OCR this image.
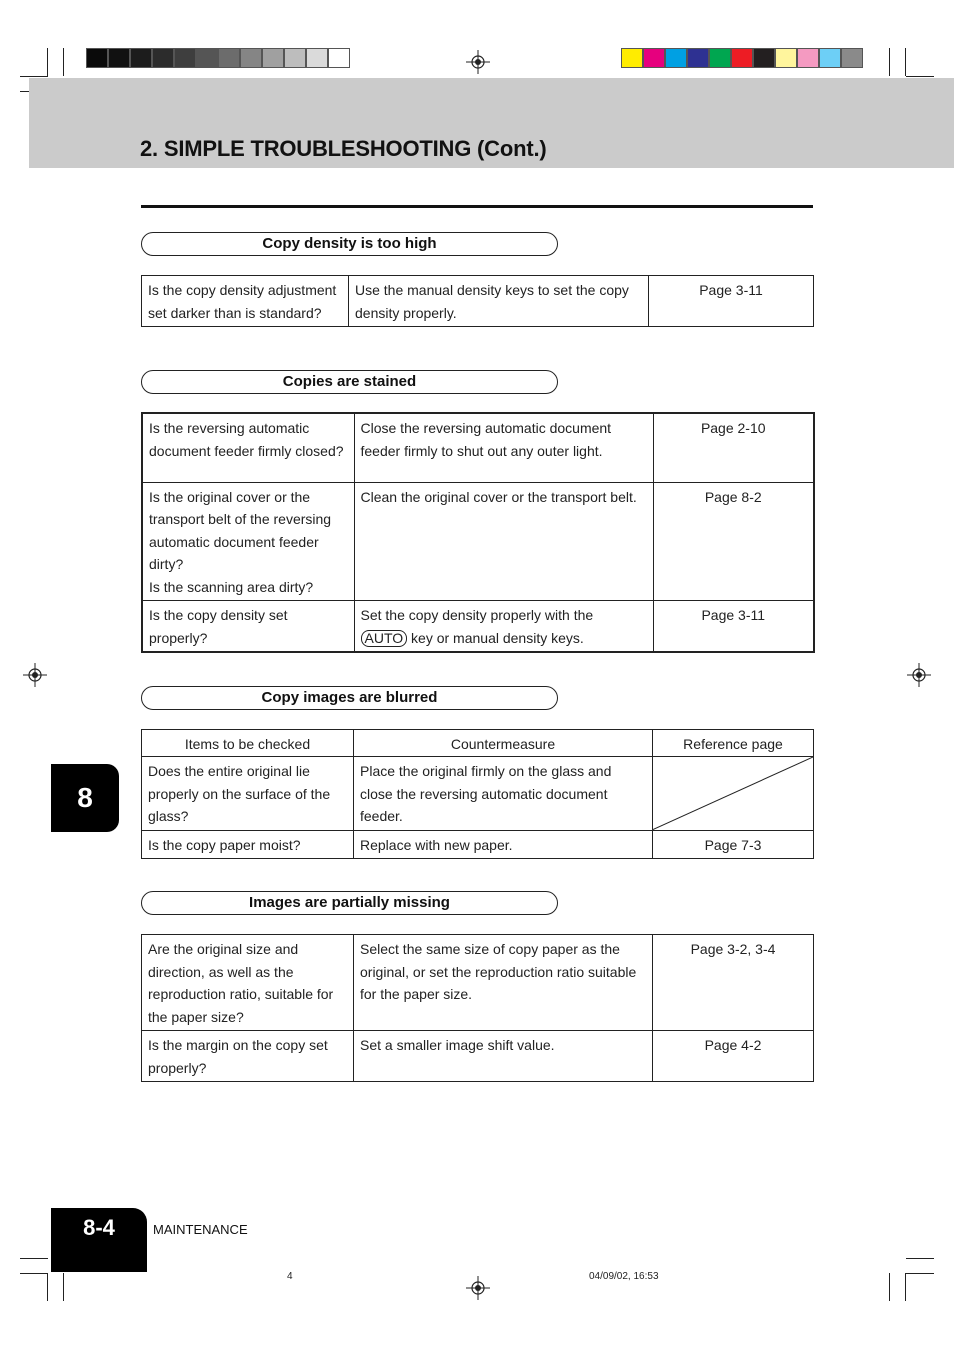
2. SIMPLE TROUBLESHOOTING (Cont.)
Copy density is too high
Is the copy density adjustment set darker than is standard?	Use the manual density keys to set the copy density properly.	Page 3-11
Copies are stained
Is the reversing automatic document feeder firmly closed?	Close the reversing automatic document feeder firmly to shut out any outer light.	Page 2-10

Is the original cover or the transport belt of the reversing automatic document feeder dirty?
Is the scanning area dirty?	Clean the original cover or the transport belt.	Page 8-2
Is the copy density set properly?	Set the copy density properly with the
AUTO key or manual density keys.	Page 3-11
Copy images are blurred
Items to be checked	Countermeasure	Reference page
Does the entire original lie properly on the surface of the glass?	Place the original firmly on the glass and close the reversing automatic document feeder.	

Is the copy paper moist?	Replace with new paper.	Page 7-3
Images are partially missing
Are the original size and direction, as well as the reproduction ratio, suitable for the paper size?	Select the same size of copy paper as the original, or set the reproduction ratio suitable for the paper size.	Page 3-2, 3-4
Is the margin on the copy set properly?	Set a smaller image shift value.	Page 4-2
8
8-4	MAINTENANCE
4	04/09/02, 16:53
